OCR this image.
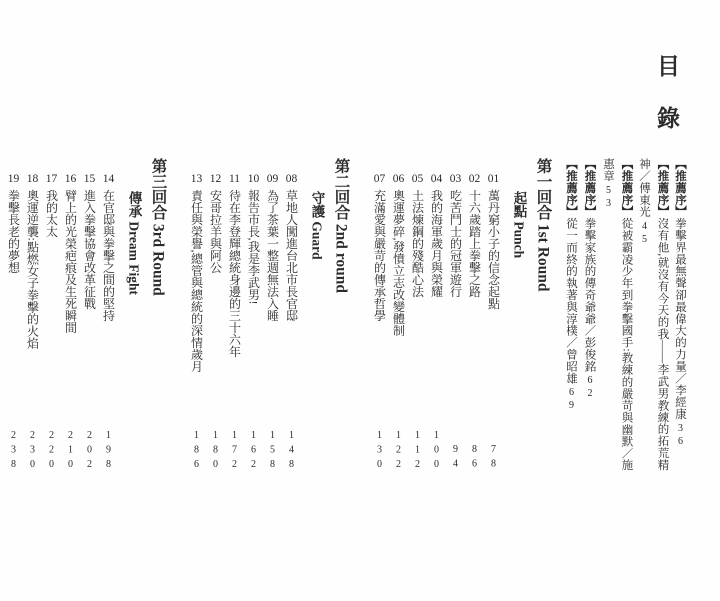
目錄
【推薦序】拳擊界最無聲卻最偉大的力量／李經康36
【推薦序】沒有他,就沒有今天的我——李武男教練的拓荒精神／傅東光45
【推薦序】從被霸凌少年到拳擊國手:教練的嚴苛與幽默／施惠章53
【推薦序】拳擊家族的傳奇爺爺／彭俊銘62
【推薦序】從一而終的執著與淳樸／曾昭雄69
第一回合 1st Round
起點 Punch
01萬丹窮小子的信念起點
78
02十六歲踏上拳擊之路
86
03吃苦鬥士的冠軍遊行
94
04我的海軍歲月與榮耀
100
05土法煉鋼的殘酷心法
112
06奧運夢碎,發憤立志改變體制
122
07充滿愛與嚴苛的傳承哲學
130
第二回合 2nd round
守護 Guard
08草地人闖進台北市長官邸
148
09為了茶葉一整週無法入睡
158
10報告市長,我是李武男!
162
11待在李登輝總統身邊的三十六年
172
12安哥拉羊與阿公
180
13責任與榮譽,總管與總統的深情歲月
186
第三回合 3rd Round
傳承 Dream Fight
14在官邸與拳擊之間的堅持
198
15進入拳擊協會改革征戰
202
16臂上的光榮疤痕及生死瞬間
210
17我的太太
220
18奧運逆襲:點燃女子拳擊的火焰
230
19拳擊長老的夢想
238
